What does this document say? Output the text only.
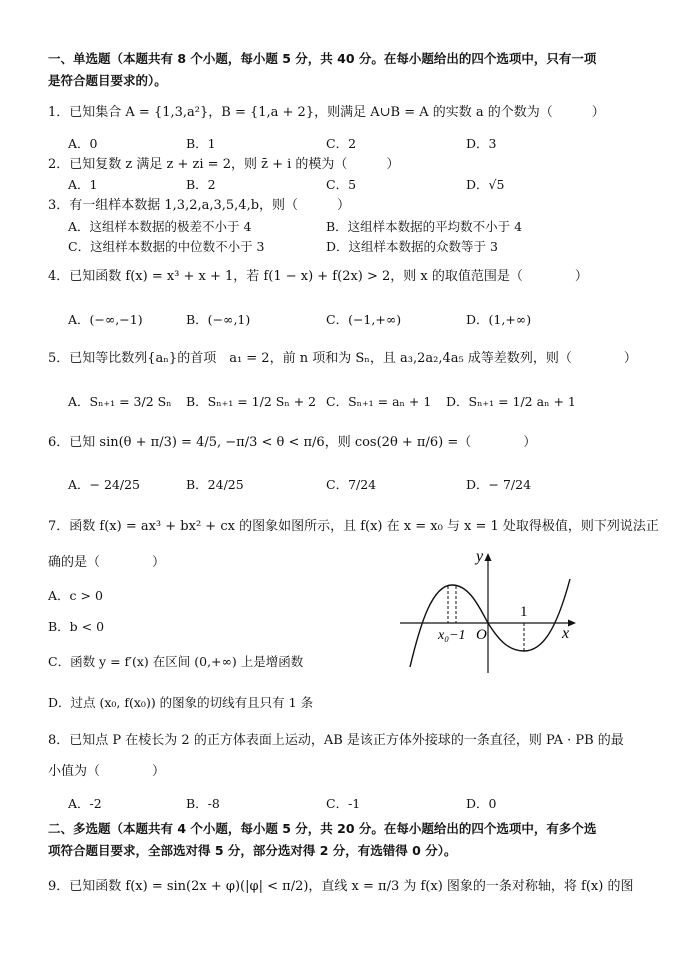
一、单选题（本题共有 8 个小题，每小题 5 分，共 40 分。在每小题给出的四个选项中，只有一项
是符合题目要求的）。
1．已知集合 A = {1,3,a²}，B = {1,a + 2}，则满足 A∪B = A 的实数 a 的个数为（　　　）
A．0	B．1	C．2	D．3
2．已知复数 z 满足 z + zi = 2，则 z̄ + i 的模为（　　　）
A．1	B．2	C．5	D．√5
3．有一组样本数据 1,3,2,a,3,5,4,b，则（　　　）
A．这组样本数据的极差不小于 4	B．这组样本数据的平均数不小于 4
C．这组样本数据的中位数不小于 3	D．这组样本数据的众数等于 3
4．已知函数 f(x) = x³ + x + 1，若 f(1 − x) + f(2x) > 2，则 x 的取值范围是（　　　　）
A．(−∞,−1)	B．(−∞,1)	C．(−1,+∞)	D．(1,+∞)
5．已知等比数列{aₙ}的首项　a₁ = 2，前 n 项和为 Sₙ，且 a₃,2a₂,4a₅ 成等差数列，则（　　　　）
A．Sₙ₊₁ = 3/2 Sₙ B．Sₙ₊₁ = 1/2 Sₙ + 2 C．Sₙ₊₁ = aₙ + 1 D．Sₙ₊₁ = 1/2 aₙ + 1
6．已知 sin(θ + π/3) = 4/5, −π/3 < θ < π/6，则 cos(2θ + π/6) =（　　　　）
A．− 24/25	B．24/25	C．7/24	D．− 7/24
7．函数 f(x) = ax³ + bx² + cx 的图象如图所示，且 f(x) 在 x = x₀ 与 x = 1 处取得极值，则下列说法正
确的是（　　　　）
A．c > 0
B．b < 0
C．函数 y = f′(x) 在区间 (0,+∞) 上是增函数
D．过点 (x₀, f(x₀)) 的图象的切线有且只有 1 条
y
x
O
1
x₀−1
8．已知点 P 在棱长为 2 的正方体表面上运动，AB 是该正方体外接球的一条直径，则 PA · PB 的最
小值为（　　　　）
A．-2	B．-8	C．-1	D．0
二、多选题（本题共有 4 个小题，每小题 5 分，共 20 分。在每小题给出的四个选项中，有多个选
项符合题目要求，全部选对得 5 分，部分选对得 2 分，有选错得 0 分）。
9．已知函数 f(x) = sin(2x + φ)(|φ| < π/2)，直线 x = π/3 为 f(x) 图象的一条对称轴，将 f(x) 的图
